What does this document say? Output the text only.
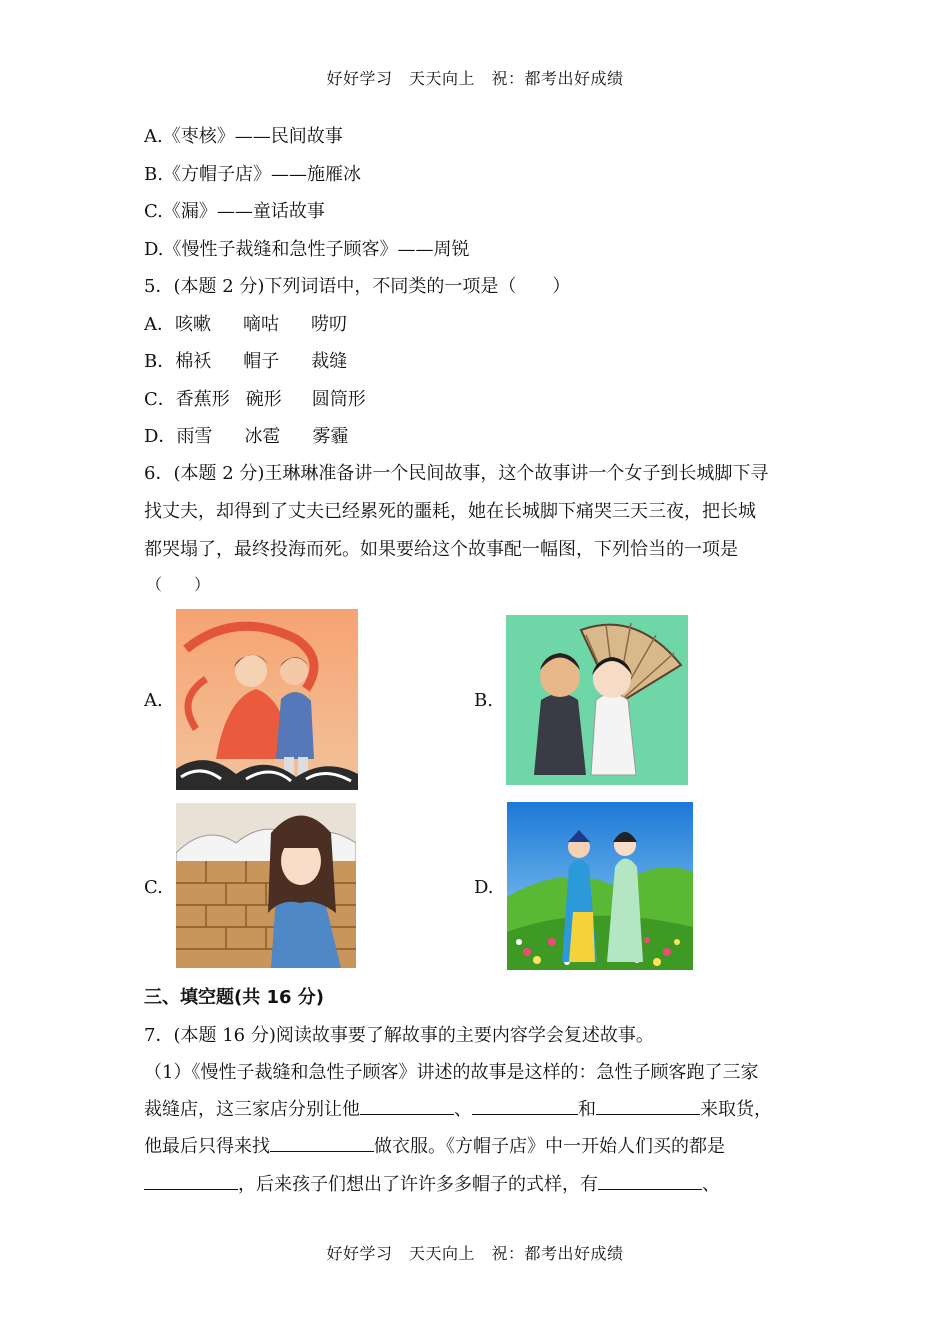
好好学习　天天向上　祝：都考出好成绩
A.《枣核》——民间故事
B.《方帽子店》——施雁冰
C.《漏》——童话故事
D.《慢性子裁缝和急性子顾客》——周锐
5．(本题 2 分)下列词语中，不同类的一项是（　　）
A．咳嗽 嘀咕 唠叨
B．棉袄 帽子 裁缝
C．香蕉形 碗形 圆筒形
D．雨雪 冰雹 雾霾
6．(本题 2 分)王琳琳准备讲一个民间故事，这个故事讲一个女子到长城脚下寻
找丈夫，却得到了丈夫已经累死的噩耗，她在长城脚下痛哭三天三夜，把长城
都哭塌了，最终投海而死。如果要给这个故事配一幅图，下列恰当的一项是
（　　）
A.	B.
C.	D.
三、填空题(共 16 分)
7．(本题 16 分)阅读故事要了解故事的主要内容学会复述故事。
（1）《慢性子裁缝和急性子顾客》讲述的故事是这样的：急性子顾客跑了三家
裁缝店，这三家店分别让他	、	和	来取货，
他最后只得来找	做衣服。《方帽子店》中一开始人们买的都是
，后来孩子们想出了许许多多帽子的式样，有	、
好好学习　天天向上　祝：都考出好成绩
